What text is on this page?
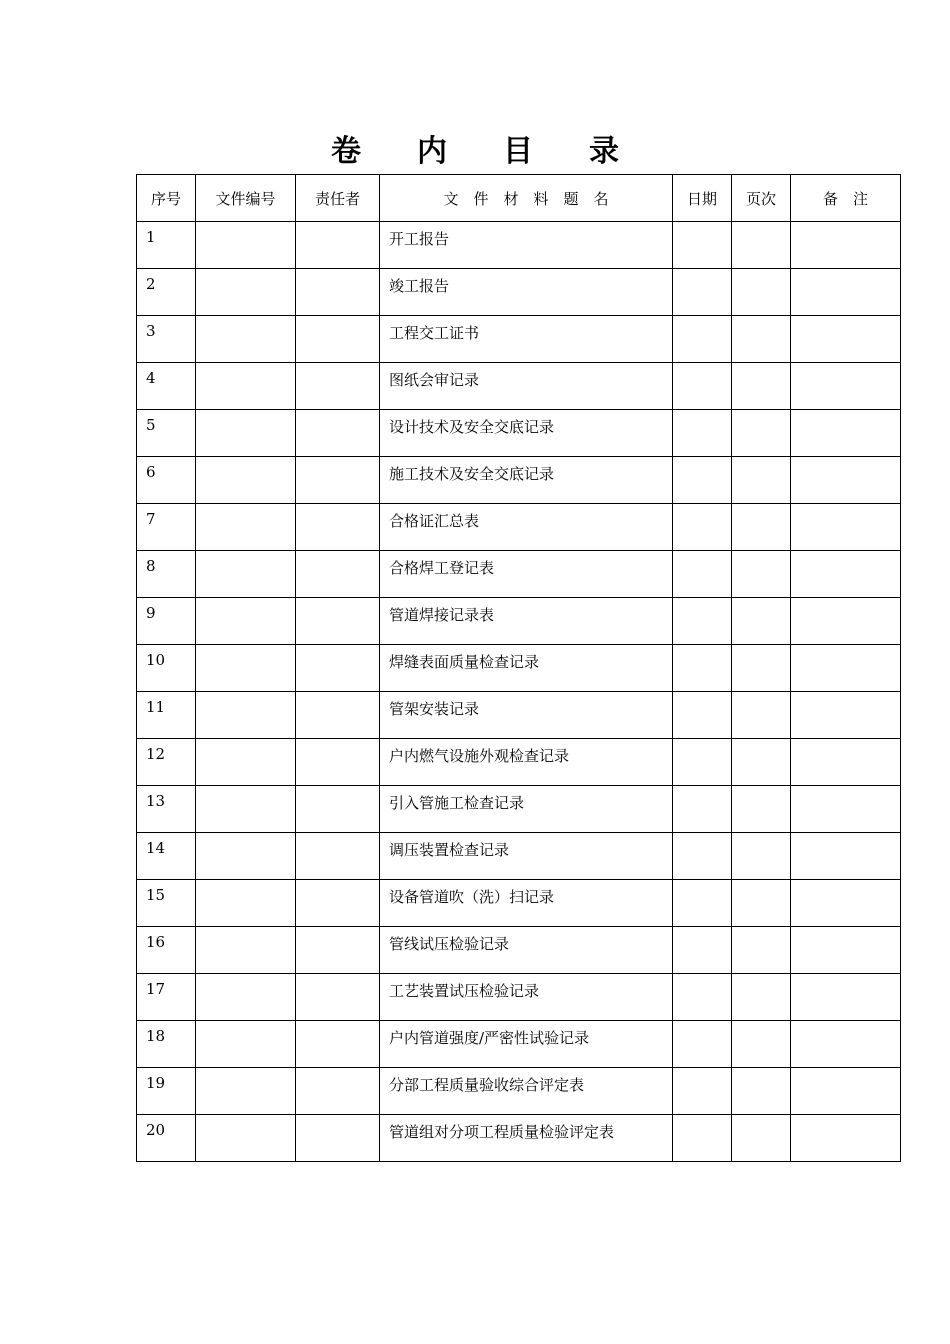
卷 内 目 录
序号	文件编号	责任者	文　件　材　料　题　名	日期	页次	备　注
1			开工报告			
2			竣工报告			
3			工程交工证书			
4			图纸会审记录			
5			设计技术及安全交底记录			
6			施工技术及安全交底记录			
7			合格证汇总表			
8			合格焊工登记表			
9			管道焊接记录表			
10			焊缝表面质量检查记录			
11			管架安装记录			
12			户内燃气设施外观检查记录			
13			引入管施工检查记录			
14			调压装置检查记录			
15			设备管道吹（洗）扫记录			
16			管线试压检验记录			
17			工艺装置试压检验记录			
18			户内管道强度/严密性试验记录			
19			分部工程质量验收综合评定表			
20			管道组对分项工程质量检验评定表			
